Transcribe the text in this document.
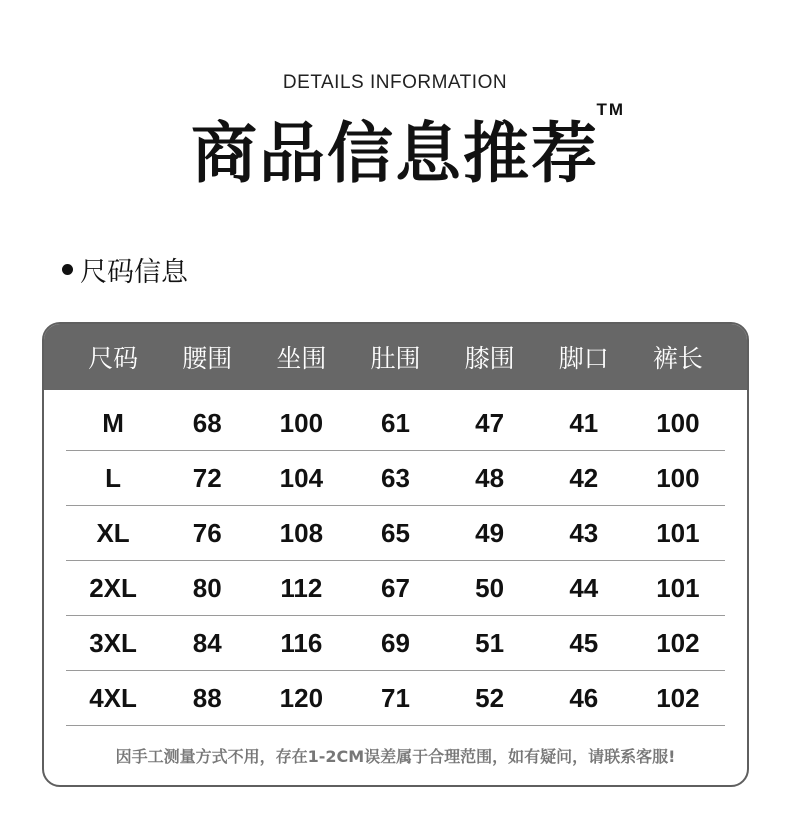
DETAILS INFORMATION
商品信息推荐
TM
尺码信息
尺码	腰围	坐围	肚围	膝围	脚口	裤长
M	68	100	61	47	41	100
L	72	104	63	48	42	100
XL	76	108	65	49	43	101
2XL	80	112	67	50	44	101
3XL	84	116	69	51	45	102
4XL	88	120	71	52	46	102
因手工测量方式不用，存在1-2CM误差属于合理范围，如有疑问，请联系客服!
